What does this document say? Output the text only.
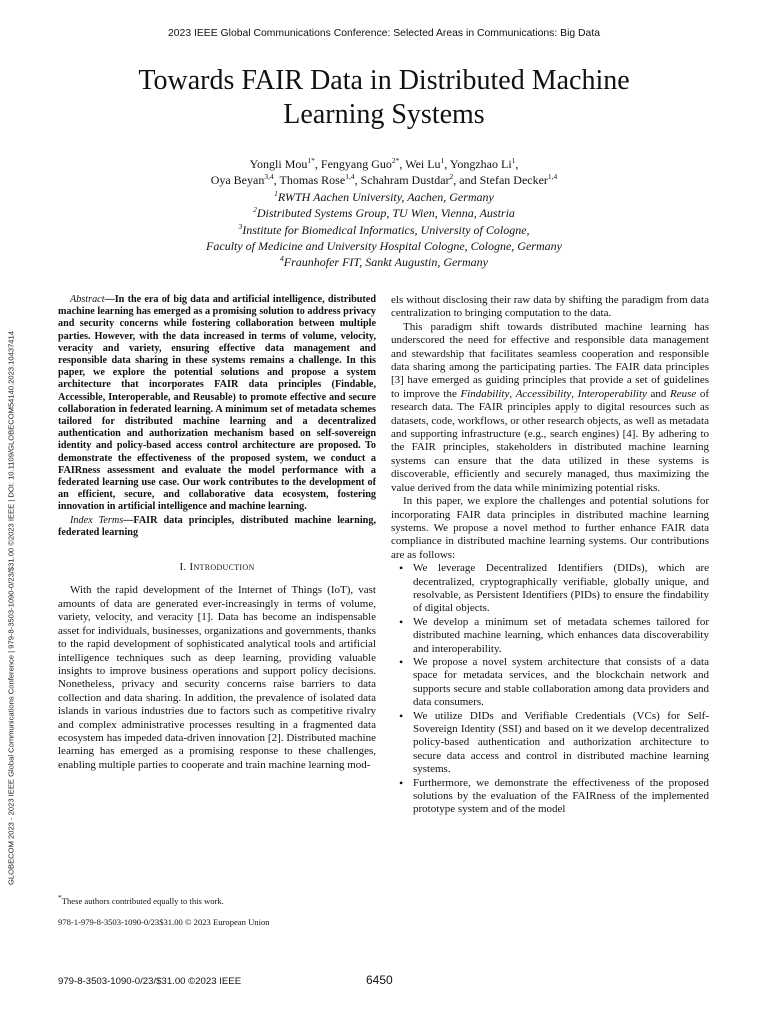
2023 IEEE Global Communications Conference: Selected Areas in Communications: Big Data
Towards FAIR Data in Distributed Machine
Learning Systems
Yongli Mou$^{1*}$, Fengyang Guo$^{2*}$, Wei Lu$^1$, Yongzhao Li$^1$,
Oya Beyan$^{3,4}$, Thomas Rose$^{1,4}$, Schahram Dustdar$^2$, and Stefan Decker$^{1,4}$
$^1$RWTH Aachen University, Aachen, Germany
$^2$Distributed Systems Group, TU Wien, Vienna, Austria
$^3$Institute for Biomedical Informatics, University of Cologne,
Faculty of Medicine and University Hospital Cologne, Cologne, Germany
$^4$Fraunhofer FIT, Sankt Augustin, Germany
GLOBECOM 2023 - 2023 IEEE Global Communications Conference | 979-8-3503-1090-0/23/$31.00 ©2023 IEEE | DOI: 10.1109/GLOBECOM54140.2023.10437414

Abstract—In the era of big data and artificial intelligence, distributed machine learning has emerged as a promising solution to address privacy and security concerns while fostering collaboration between multiple parties. However, with the data increased in terms of volume, velocity, veracity and variety, ensuring effective data management and responsible data sharing in these systems remains a challenge. In this paper, we explore the potential solutions and propose a system architecture that incorporates FAIR data principles (Findable, Accessible, Interoperable, and Reusable) to promote effective and secure collaboration in federated learning. A minimum set of metadata schemes tailored for distributed machine learning and a decentralized authentication and authorization mechanism based on self-sovereign identity and policy-based access control architecture are proposed. To demonstrate the effectiveness of the proposed system, we conduct a FAIRness assessment and evaluate the model performance with a federated learning use case. Our work contributes to the development of an efficient, secure, and collaborative data ecosystem, fostering innovation in artificial intelligence and machine learning.

Index Terms—FAIR data principles, distributed machine learning, federated learning

I. Introduction

With the rapid development of the Internet of Things (IoT), vast amounts of data are generated ever-increasingly in terms of volume, variety, velocity, and veracity [1]. Data has become an indispensable asset for individuals, businesses, organizations and governments, thanks to the rapid development of sophisticated analytical tools and artificial intelligence techniques such as deep learning, providing valuable insights to improve business operations and support policy decisions. Nonetheless, privacy and security concerns raise barriers to data collection and data sharing. In addition, the prevalence of isolated data islands in various industries due to factors such as competitive rivalry and complex administrative processes resulting in a fragmented data ecosystem has impeded data-driven innovation [2]. Distributed machine learning has emerged as a promising response to these challenges, enabling multiple parties to cooperate and train machine learning mod-

els without disclosing their raw data by shifting the paradigm from data centralization to bringing computation to the data.

This paradigm shift towards distributed machine learning has underscored the need for effective and responsible data management and stewardship that facilitates seamless cooperation and responsible data sharing among the participating parties. The FAIR data principles [3] have emerged as guiding principles that provide a set of guidelines to improve the Findability, Accessibility, Interoperability and Reuse of research data. The FAIR principles apply to digital resources such as datasets, code, workflows, or other research objects, as well as metadata and supporting infrastructure (e.g., search engines) [4]. By adhering to the FAIR principles, stakeholders in distributed machine learning systems can ensure that the data utilized in these systems is discoverable, efficiently and securely managed, thus maximizing the value derived from the data while minimizing potential risks.

In this paper, we explore the challenges and potential solutions for incorporating FAIR data principles in distributed machine learning systems. We propose a novel method to further enhance FAIR data compliance in distributed machine learning systems. Our contributions are as follows:

• We leverage Decentralized Identifiers (DIDs), which are decentralized, cryptographically verifiable, globally unique, and resolvable, as Persistent Identifiers (PIDs) to ensure the findability of digital objects.
• We develop a minimum set of metadata schemes tailored for distributed machine learning, which enhances data discoverability and interoperability.
• We propose a novel system architecture that consists of a data space for metadata services, and the blockchain network and supports secure and stable collaboration among data providers and data consumers.
• We utilize DIDs and Verifiable Credentials (VCs) for Self-Sovereign Identity (SSI) and based on it we develop decentralized policy-based authentication and authorization architecture to secure data access and control in distributed machine learning systems.
• Furthermore, we demonstrate the effectiveness of the proposed solutions by the evaluation of the FAIRness of the implemented prototype system and of the model
*These authors contributed equally to this work.
978-1-979-8-3503-1090-0/23$31.00 © 2023 European Union
979-8-3503-1090-0/23/$31.00 ©2023 IEEE	6450
